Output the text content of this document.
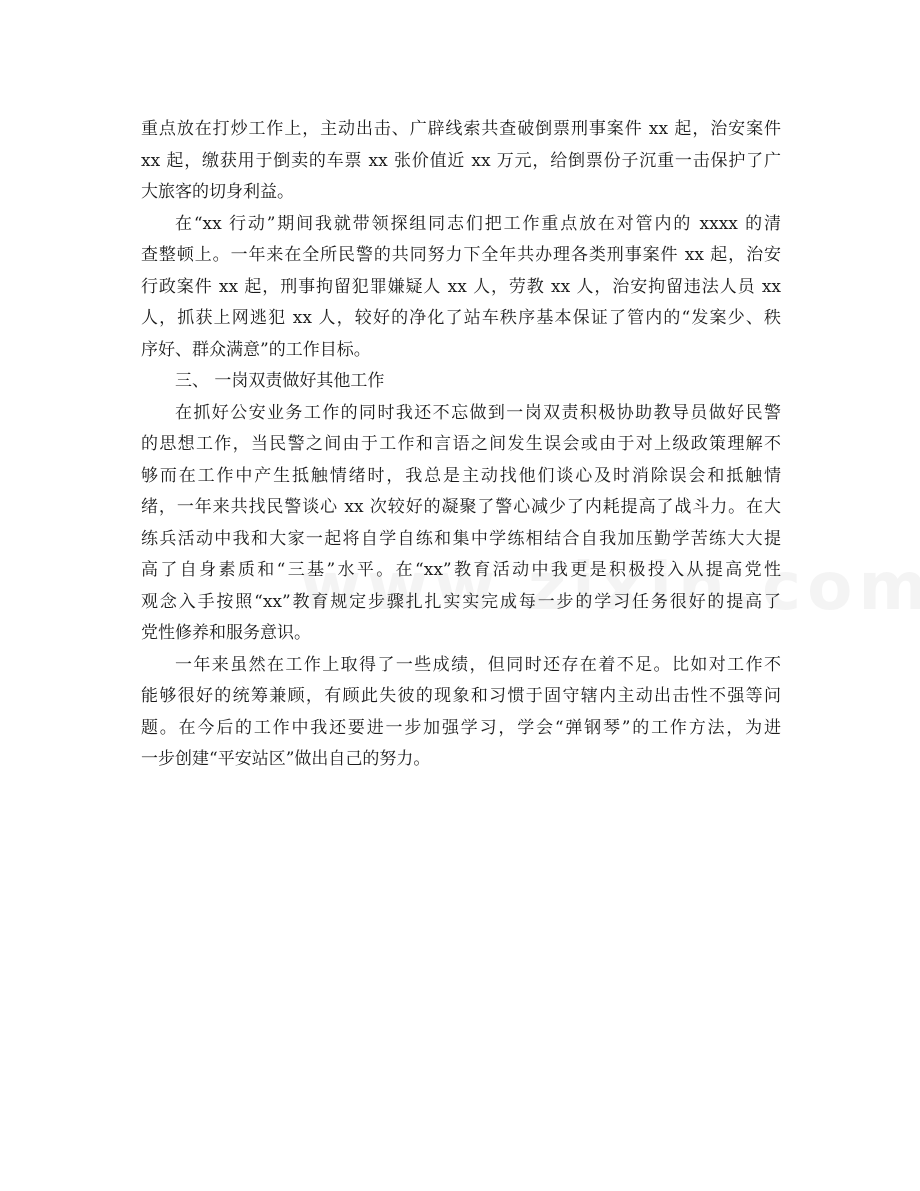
重点放在打炒工作上，主动出击、广辟线索共查破倒票刑事案件 xx 起，治安案件
xx 起，缴获用于倒卖的车票 xx 张价值近 xx 万元，给倒票份子沉重一击保护了广
大旅客的切身利益。
在“xx 行动”期间我就带领探组同志们把工作重点放在对管内的 xxxx 的清
查整顿上。一年来在全所民警的共同努力下全年共办理各类刑事案件 xx 起，治安
行政案件 xx 起，刑事拘留犯罪嫌疑人 xx 人，劳教 xx 人，治安拘留违法人员 xx
人，抓获上网逃犯 xx 人，较好的净化了站车秩序基本保证了管内的“发案少、秩
序好、群众满意”的工作目标。
三、 一岗双责做好其他工作
在抓好公安业务工作的同时我还不忘做到一岗双责积极协助教导员做好民警
的思想工作，当民警之间由于工作和言语之间发生误会或由于对上级政策理解不
够而在工作中产生抵触情绪时，我总是主动找他们谈心及时消除误会和抵触情
绪，一年来共找民警谈心 xx 次较好的凝聚了警心减少了内耗提高了战斗力。在大
练兵活动中我和大家一起将自学自练和集中学练相结合自我加压勤学苦练大大提
高了自身素质和“三基”水平。在“xx”教育活动中我更是积极投入从提高党性
观念入手按照“xx”教育规定步骤扎扎实实完成每一步的学习任务很好的提高了
党性修养和服务意识。
一年来虽然在工作上取得了一些成绩，但同时还存在着不足。比如对工作不
能够很好的统筹兼顾，有顾此失彼的现象和习惯于固守辖内主动出击性不强等问
题。在今后的工作中我还要进一步加强学习，学会“弹钢琴”的工作方法，为进
一步创建“平安站区”做出自己的努力。
